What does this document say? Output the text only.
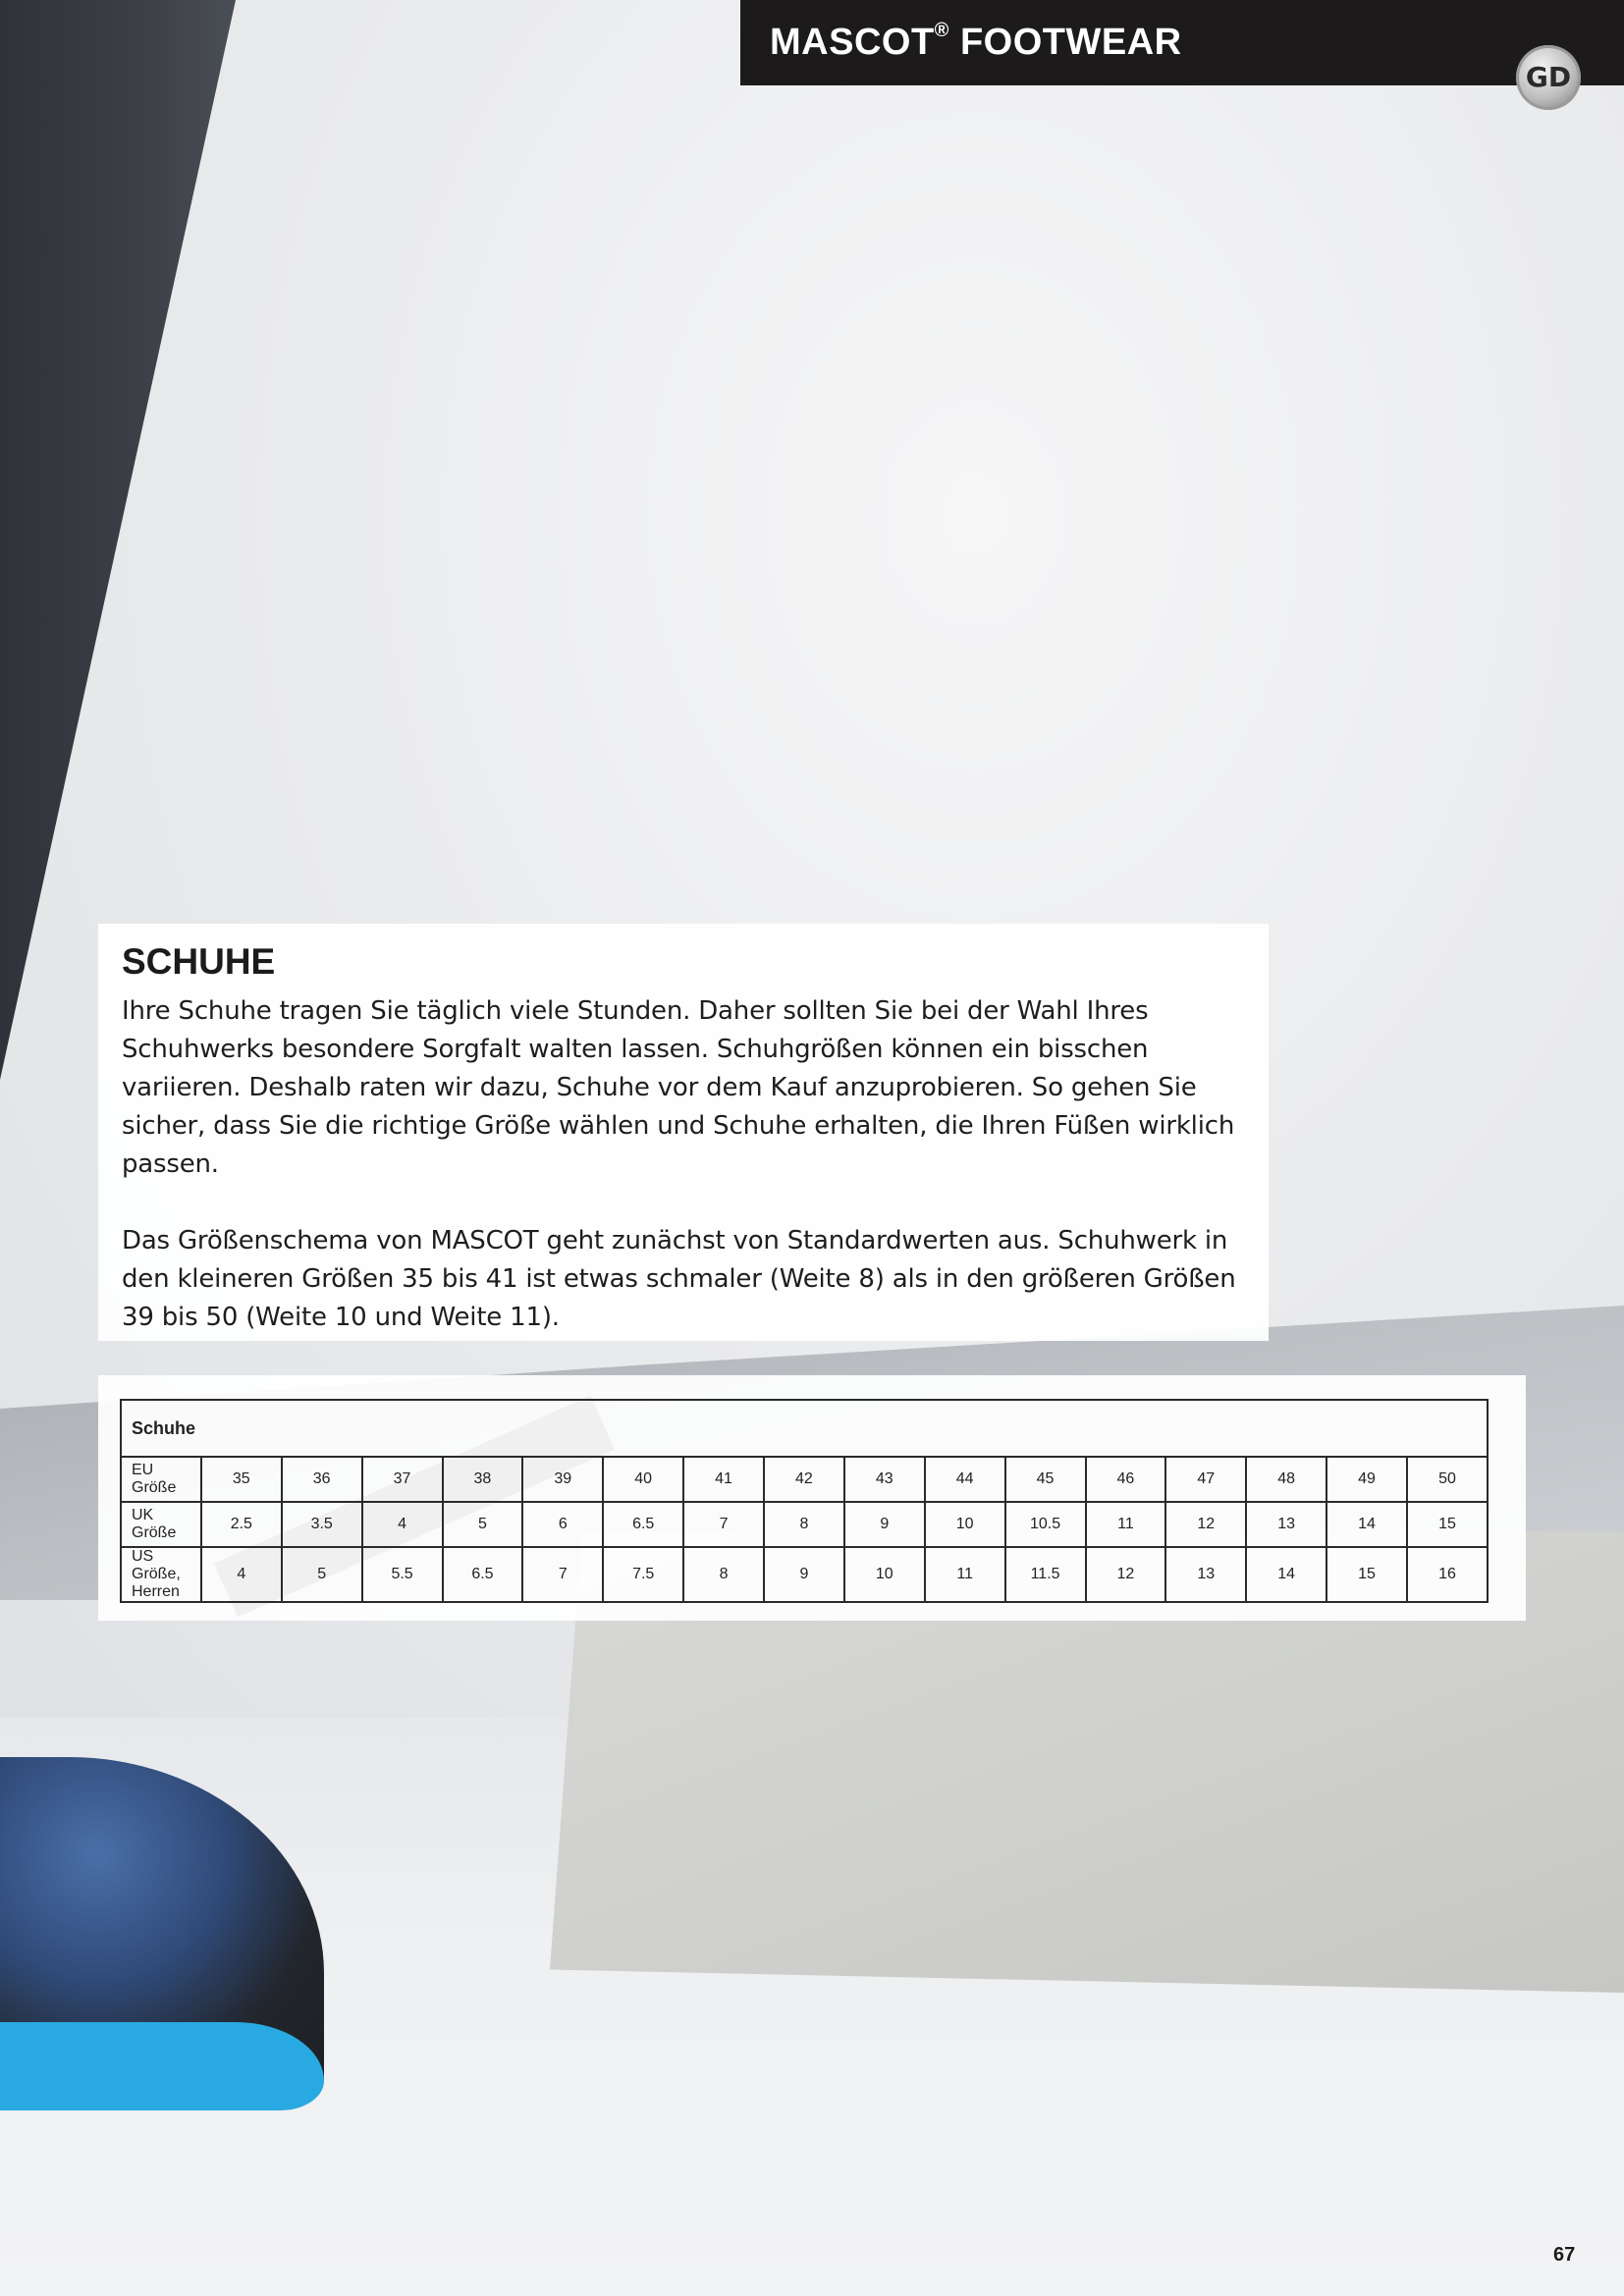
MASCOT® FOOTWEAR
GD
SCHUHE

Ihre Schuhe tragen Sie täglich viele Stunden. Daher sollten Sie bei der Wahl Ihres Schuhwerks besondere Sorgfalt walten lassen. Schuhgrößen können ein bisschen variieren. Deshalb raten wir dazu, Schuhe vor dem Kauf anzuprobieren. So gehen Sie sicher, dass Sie die richtige Größe wählen und Schuhe erhalten, die Ihren Füßen wirklich passen.

Das Größenschema von MASCOT geht zunächst von Standardwerten aus. Schuhwerk in den kleineren Größen 35 bis 41 ist etwas schmaler (Weite 8) als in den größeren Größen 39 bis 50 (Weite 10 und Weite 11).

Schuhe																
EU Größe	35	36	37	38	39	40	41	42	43	44	45	46	47	48	49	50
UK Größe	2.5	3.5	4	5	6	6.5	7	8	9	10	10.5	11	12	13	14	15
US Größe, Herren	4	5	5.5	6.5	7	7.5	8	9	10	11	11.5	12	13	14	15	16
67
